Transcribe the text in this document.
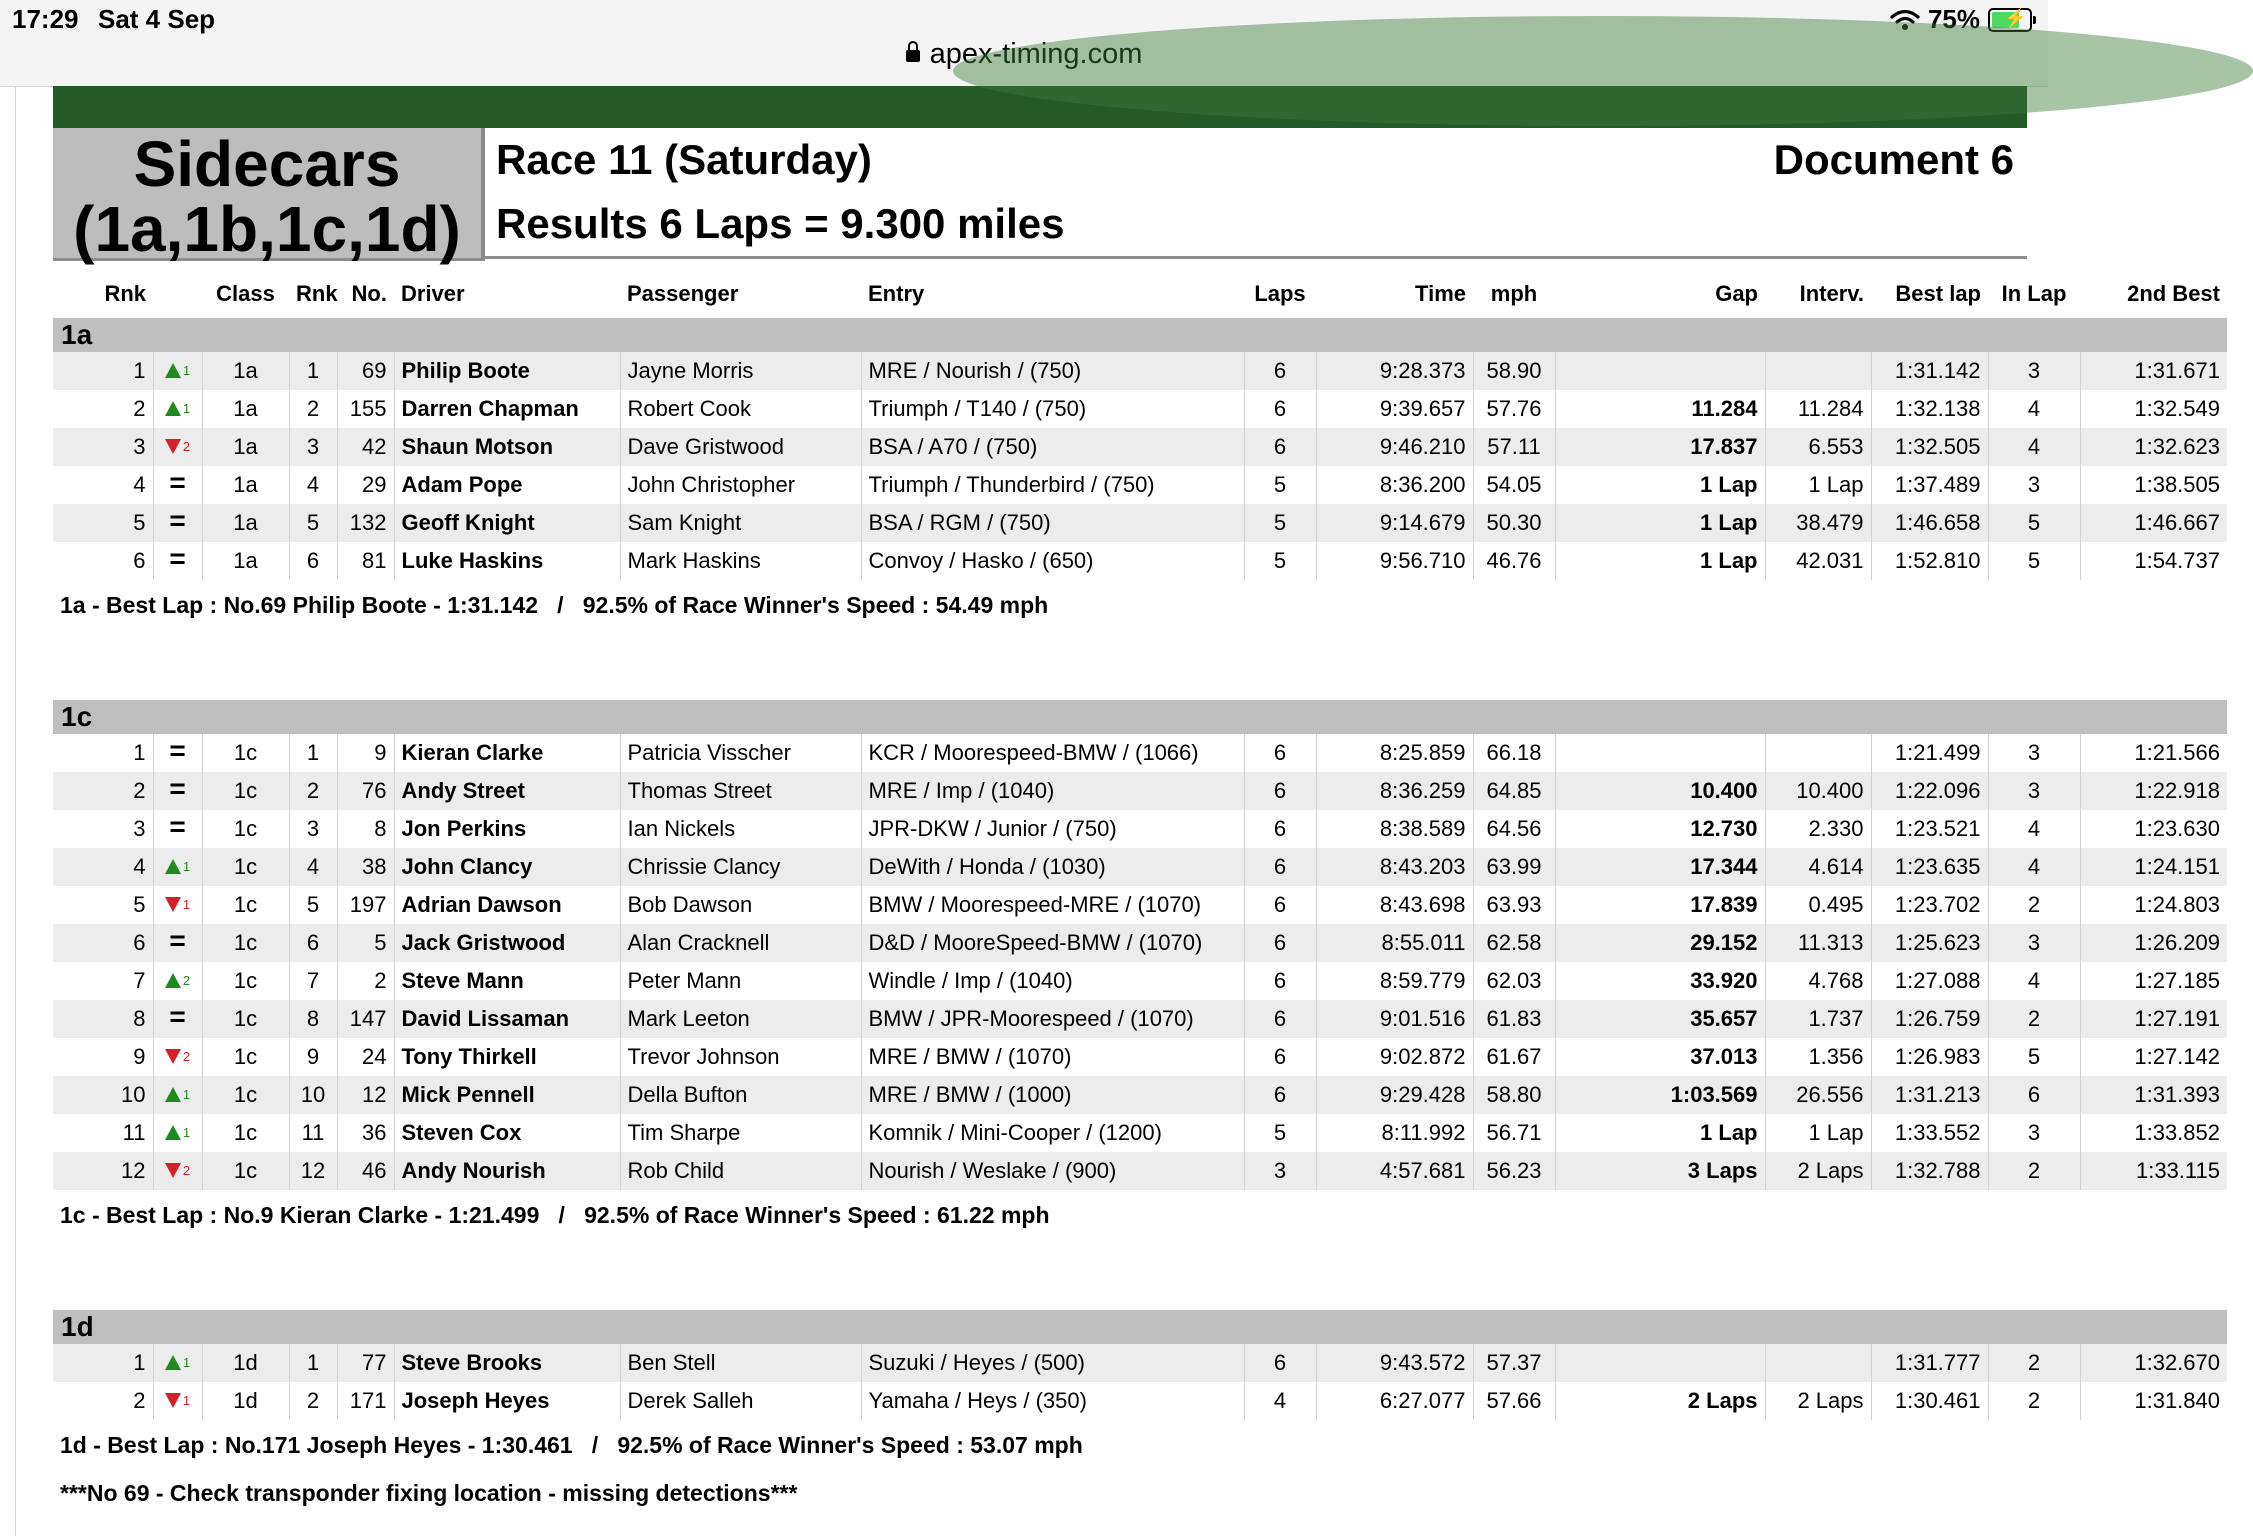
17:29 Sat 4 Sep	75% ⚡
apex-timing.com
Sidecars
(1a,1b,1c,1d)
Race 11 (Saturday)
Results 6 Laps = 9.300 miles
Document 6
Rnk		Class	Rnk	No.	Driver	Passenger	Entry	Laps	Time	mph	Gap	Interv.	Best lap	In Lap	2nd Best
1a															
1	1	1a	1	69	Philip Boote	Jayne Morris	MRE / Nourish / (750)	6	9:28.373	58.90			1:31.142	3	1:31.671
2	1	1a	2	155	Darren Chapman	Robert Cook	Triumph / T140 / (750)	6	9:39.657	57.76	11.284	11.284	1:32.138	4	1:32.549
3	2	1a	3	42	Shaun Motson	Dave Gristwood	BSA / A70 / (750)	6	9:46.210	57.11	17.837	6.553	1:32.505	4	1:32.623
4	=	1a	4	29	Adam Pope	John Christopher	Triumph / Thunderbird / (750)	5	8:36.200	54.05	1 Lap	1 Lap	1:37.489	3	1:38.505
5	=	1a	5	132	Geoff Knight	Sam Knight	BSA / RGM / (750)	5	9:14.679	50.30	1 Lap	38.479	1:46.658	5	1:46.667
6	=	1a	6	81	Luke Haskins	Mark Haskins	Convoy / Hasko / (650)	5	9:56.710	46.76	1 Lap	42.031	1:52.810	5	1:54.737
1a - Best Lap : No.69 Philip Boote - 1:31.142   /   92.5% of Race Winner's Speed : 54.49 mph															

1c															
1	=	1c	1	9	Kieran Clarke	Patricia Visscher	KCR / Moorespeed-BMW / (1066)	6	8:25.859	66.18			1:21.499	3	1:21.566
2	=	1c	2	76	Andy Street	Thomas Street	MRE / Imp / (1040)	6	8:36.259	64.85	10.400	10.400	1:22.096	3	1:22.918
3	=	1c	3	8	Jon Perkins	Ian Nickels	JPR-DKW / Junior / (750)	6	8:38.589	64.56	12.730	2.330	1:23.521	4	1:23.630
4	1	1c	4	38	John Clancy	Chrissie Clancy	DeWith / Honda / (1030)	6	8:43.203	63.99	17.344	4.614	1:23.635	4	1:24.151
5	1	1c	5	197	Adrian Dawson	Bob Dawson	BMW / Moorespeed-MRE / (1070)	6	8:43.698	63.93	17.839	0.495	1:23.702	2	1:24.803
6	=	1c	6	5	Jack Gristwood	Alan Cracknell	D&D / MooreSpeed-BMW / (1070)	6	8:55.011	62.58	29.152	11.313	1:25.623	3	1:26.209
7	2	1c	7	2	Steve Mann	Peter Mann	Windle / Imp / (1040)	6	8:59.779	62.03	33.920	4.768	1:27.088	4	1:27.185
8	=	1c	8	147	David Lissaman	Mark Leeton	BMW / JPR-Moorespeed / (1070)	6	9:01.516	61.83	35.657	1.737	1:26.759	2	1:27.191
9	2	1c	9	24	Tony Thirkell	Trevor Johnson	MRE / BMW / (1070)	6	9:02.872	61.67	37.013	1.356	1:26.983	5	1:27.142
10	1	1c	10	12	Mick Pennell	Della Bufton	MRE / BMW / (1000)	6	9:29.428	58.80	1:03.569	26.556	1:31.213	6	1:31.393
11	1	1c	11	36	Steven Cox	Tim Sharpe	Komnik / Mini-Cooper / (1200)	5	8:11.992	56.71	1 Lap	1 Lap	1:33.552	3	1:33.852
12	2	1c	12	46	Andy Nourish	Rob Child	Nourish / Weslake / (900)	3	4:57.681	56.23	3 Laps	2 Laps	1:32.788	2	1:33.115
1c - Best Lap : No.9 Kieran Clarke - 1:21.499   /   92.5% of Race Winner's Speed : 61.22 mph															

1d															
1	1	1d	1	77	Steve Brooks	Ben Stell	Suzuki / Heyes / (500)	6	9:43.572	57.37			1:31.777	2	1:32.670
2	1	1d	2	171	Joseph Heyes	Derek Salleh	Yamaha / Heys / (350)	4	6:27.077	57.66	2 Laps	2 Laps	1:30.461	2	1:31.840
1d - Best Lap : No.171 Joseph Heyes - 1:30.461   /   92.5% of Race Winner's Speed : 53.07 mph															
***No 69 - Check transponder fixing location - missing detections***
